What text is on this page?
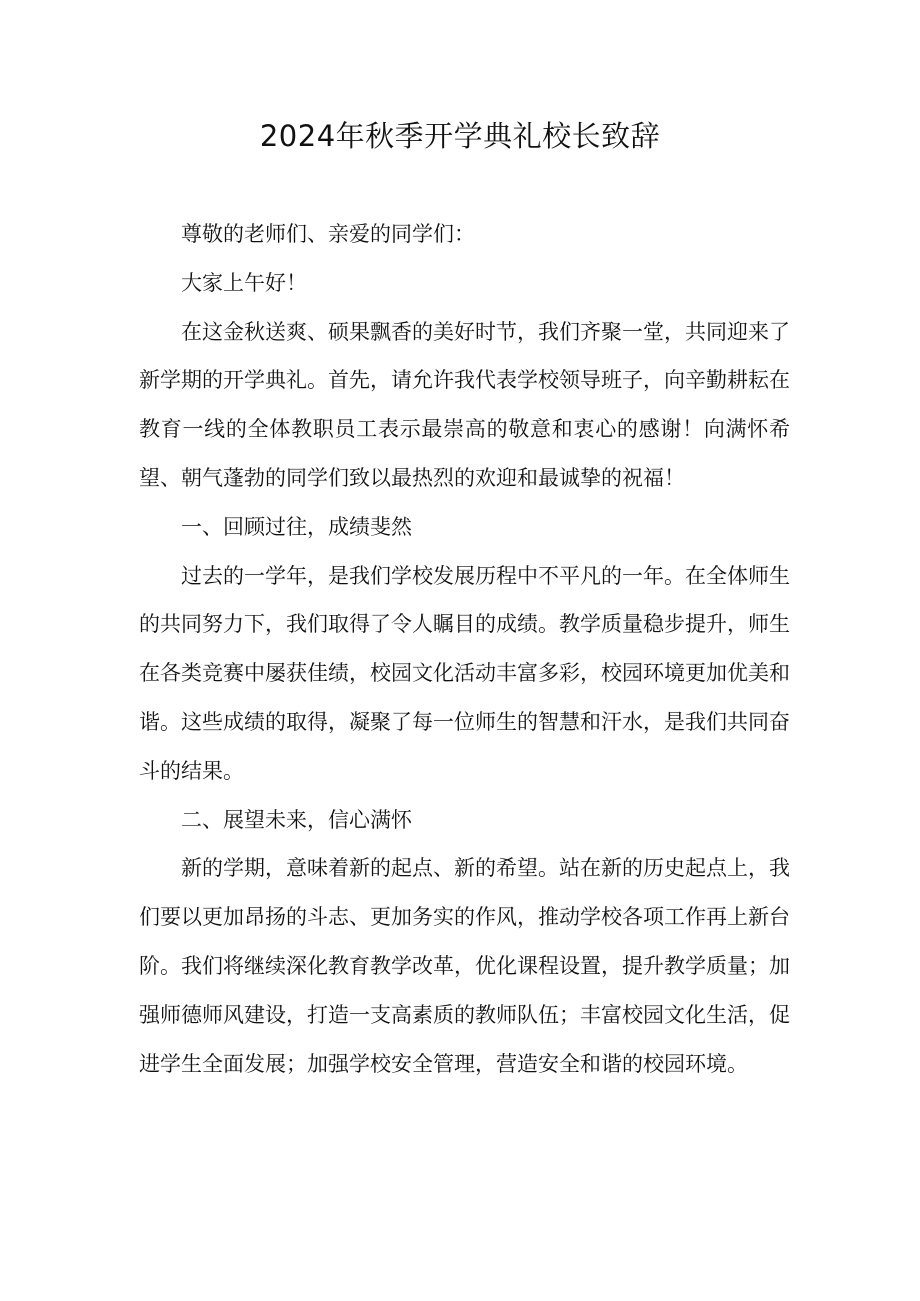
2024年秋季开学典礼校长致辞

尊敬的老师们、亲爱的同学们：

大家上午好！

在这金秋送爽、硕果飘香的美好时节，我们齐聚一堂，共同迎来了新学期的开学典礼。首先，请允许我代表学校领导班子，向辛勤耕耘在教育一线的全体教职员工表示最崇高的敬意和衷心的感谢！向满怀希望、朝气蓬勃的同学们致以最热烈的欢迎和最诚挚的祝福！

一、回顾过往，成绩斐然

过去的一学年，是我们学校发展历程中不平凡的一年。在全体师生的共同努力下，我们取得了令人瞩目的成绩。教学质量稳步提升，师生在各类竞赛中屡获佳绩，校园文化活动丰富多彩，校园环境更加优美和谐。这些成绩的取得，凝聚了每一位师生的智慧和汗水，是我们共同奋斗的结果。

二、展望未来，信心满怀

新的学期，意味着新的起点、新的希望。站在新的历史起点上，我们要以更加昂扬的斗志、更加务实的作风，推动学校各项工作再上新台阶。我们将继续深化教育教学改革，优化课程设置，提升教学质量；加强师德师风建设，打造一支高素质的教师队伍；丰富校园文化生活，促进学生全面发展；加强学校安全管理，营造安全和谐的校园环境。
